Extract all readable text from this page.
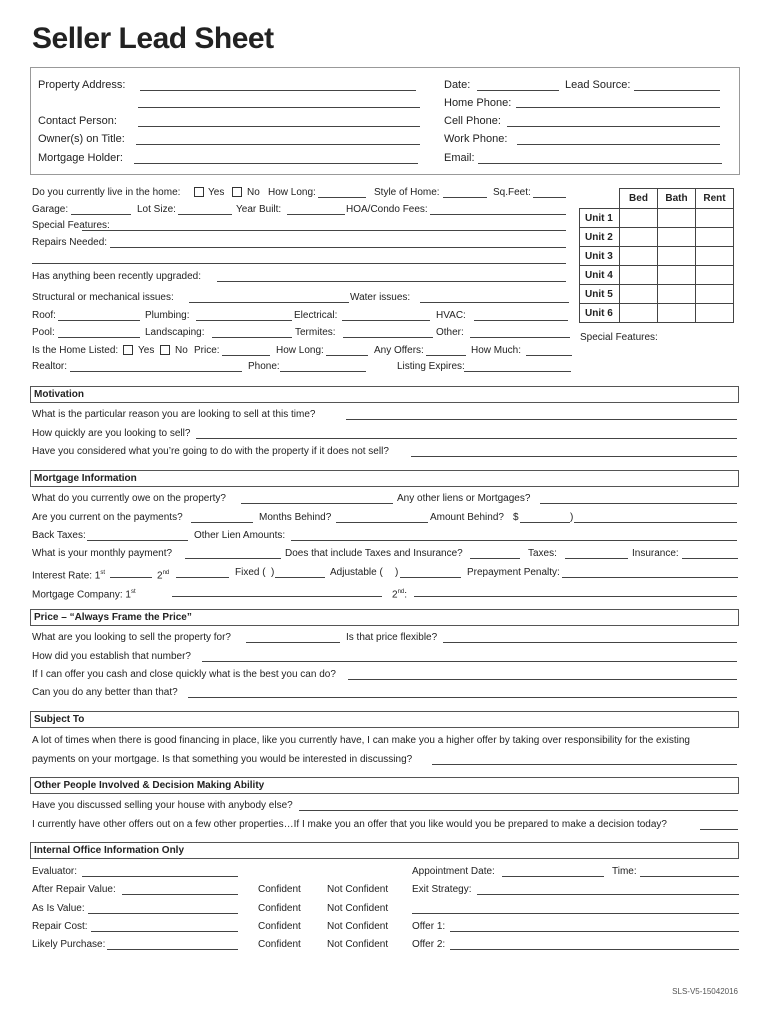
Seller Lead Sheet
Property Address:
Contact Person:
Owner(s) on Title:
Mortgage Holder:
Date:	Lead Source:
Home Phone:
Cell Phone:
Work Phone:
Email:
Do you currently live in the home:	Yes No How Long:	Style of Home:	Sq.Feet:
Garage:	Lot Size:	Year Built:	HOA/Condo Fees:
Special Features:
Repairs Needed:
Has anything been recently upgraded:
Structural or mechanical issues:	Water issues:
Roof:	Plumbing:	Electrical:	HVAC:
Pool:	Landscaping:	Termites:	Other:
Is the Home Listed: Yes No Price:	How Long:	Any Offers:	How Much:
Realtor:	Phone:	Listing Expires:
	Bed	Bath	Rent
Unit 1			
Unit 2			
Unit 3			
Unit 4			
Unit 5			
Unit 6			
Special Features:
Motivation
What is the particular reason you are looking to sell at this time?
How quickly are you looking to sell?
Have you considered what you’re going to do with the property if it does not sell?
Mortgage Information
What do you currently owe on the property?	Any other liens or Mortgages?
Are you current on the payments?	Months Behind?	Amount Behind? $	)
Back Taxes:	Other Lien Amounts:
What is your monthly payment?	Does that include Taxes and Insurance?	Taxes:	Insurance:
Interest Rate: 1st	2nd	Fixed ( )	Adjustable ( )	Prepayment Penalty:
Mortgage Company: 1st	2nd:
Price – “Always Frame the Price”
What are you looking to sell the property for?	Is that price flexible?
How did you establish that number?
If I can offer you cash and close quickly what is the best you can do?
Can you do any better than that?
Subject To
A lot of times when there is good financing in place, like you currently have, I can make you a higher offer by taking over responsibility for the existing
payments on your mortgage. Is that something you would be interested in discussing?
Other People Involved & Decision Making Ability
Have you discussed selling your house with anybody else?
I currently have other offers out on a few other properties…If I make you an offer that you like would you be prepared to make a decision today?
Internal Office Information Only
Evaluator:	Appointment Date:	Time:
After Repair Value:	Confident	Not Confident Exit Strategy:
As Is Value:	Confident	Not Confident
Repair Cost:	Confident	Not Confident Offer 1:
Likely Purchase:	Confident	Not Confident Offer 2:
SLS-V5-15042016
